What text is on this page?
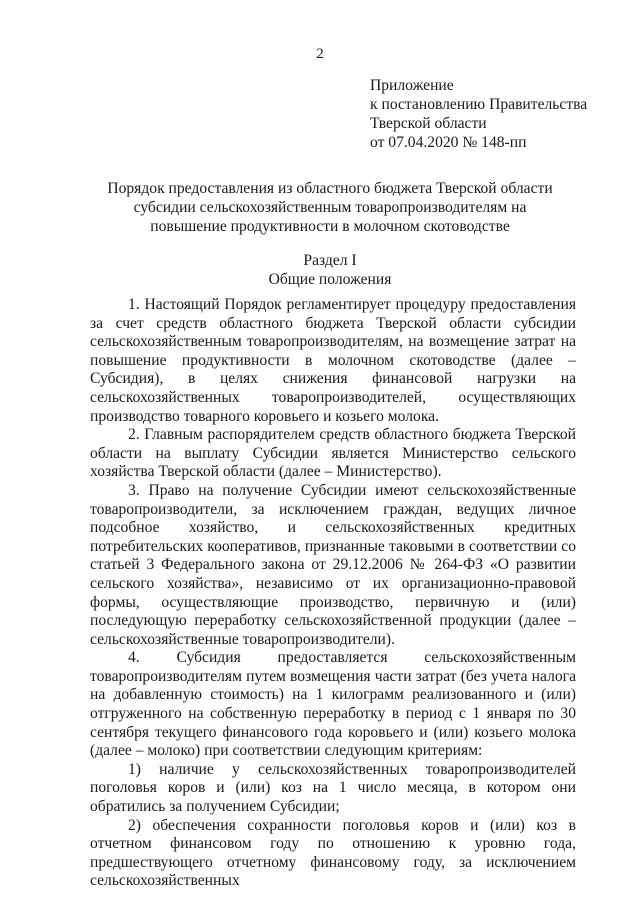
2
Приложение
к постановлению Правительства
Тверской области
от 07.04.2020 № 148-пп
Порядок предоставления из областного бюджета Тверской области субсидии сельскохозяйственным товаропроизводителям на повышение продуктивности в молочном скотоводстве
Раздел I
Общие положения

1. Настоящий Порядок регламентирует процедуру предоставления за счет средств областного бюджета Тверской области субсидии сельскохозяйственным товаропроизводителям, на возмещение затрат на повышение продуктивности в молочном скотоводстве (далее – Субсидия), в целях снижения финансовой нагрузки на сельскохозяйственных товаропроизводителей, осуществляющих производство товарного коровьего и козьего молока.

2. Главным распорядителем средств областного бюджета Тверской области на выплату Субсидии является Министерство сельского хозяйства Тверской области (далее – Министерство).

3. Право на получение Субсидии имеют сельскохозяйственные товаропроизводители, за исключением граждан, ведущих личное подсобное хозяйство, и сельскохозяйственных кредитных потребительских кооперативов, признанные таковыми в соответствии со статьей 3 Федерального закона от 29.12.2006 № 264-ФЗ «О развитии сельского хозяйства», независимо от их организационно-правовой формы, осуществляющие производство, первичную и (или) последующую переработку сельскохозяйственной продукции (далее – сельскохозяйственные товаропроизводители).

4. Субсидия предоставляется сельскохозяйственным товаропроизводителям путем возмещения части затрат (без учета налога на добавленную стоимость) на 1 килограмм реализованного и (или) отгруженного на собственную переработку в период с 1 января по 30 сентября текущего финансового года коровьего и (или) козьего молока (далее – молоко) при соответствии следующим критериям:

1) наличие у сельскохозяйственных товаропроизводителей поголовья коров и (или) коз на 1 число месяца, в котором они обратились за получением Субсидии;

2) обеспечения сохранности поголовья коров и (или) коз в отчетном финансовом году по отношению к уровню года, предшествующего отчетному финансовому году, за исключением сельскохозяйственных
